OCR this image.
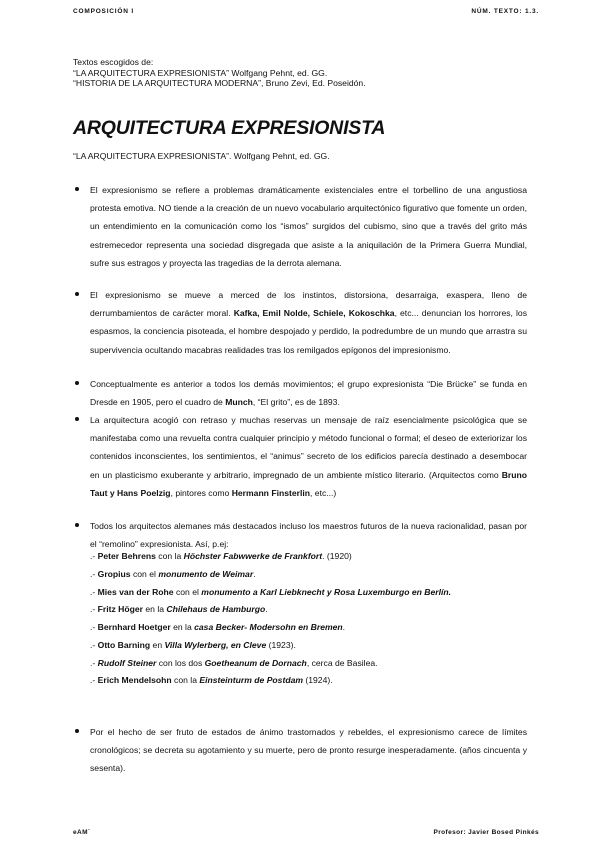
COMPOSICIÓN I	NÚM. TEXTO: 1.3.
Textos escogidos de:
“LA ARQUITECTURA EXPRESIONISTA” Wolfgang Pehnt, ed. GG.
“HISTORIA DE LA ARQUITECTURA MODERNA”, Bruno Zevi, Ed. Poseidón.
ARQUITECTURA EXPRESIONISTA
“LA ARQUITECTURA EXPRESIONISTA”. Wolfgang Pehnt, ed. GG.
El expresionismo se refiere a problemas dramáticamente existenciales entre el torbellino de una angustiosa protesta emotiva. NO tiende a la creación de un nuevo vocabulario arquitectónico figurativo que fomente un orden, un entendimiento en la comunicación como los “ismos” surgidos del cubismo, sino que a través del grito más estremecedor representa una sociedad disgregada que asiste a la aniquilación de la Primera Guerra Mundial, sufre sus estragos y proyecta las tragedias de la derrota alemana.
El expresionismo se mueve a merced de los instintos, distorsiona, desarraiga, exaspera, lleno de derrumbamientos de carácter moral. Kafka, Emil Nolde, Schiele, Kokoschka, etc... denuncian los horrores, los espasmos, la conciencia pisoteada, el hombre despojado y perdido, la podredumbre de un mundo que arrastra su supervivencia ocultando macabras realidades tras los remilgados epígonos del impresionismo.
Conceptualmente es anterior a todos los demás movimientos; el grupo expresionista “Die Brücke” se funda en Dresde en 1905, pero el cuadro de Munch, “El grito”, es de 1893.
La arquitectura acogió con retraso y muchas reservas un mensaje de raíz esencialmente psicológica que se manifestaba como una revuelta contra cualquier principio y método funcional o formal; el deseo de exteriorizar los contenidos inconscientes, los sentimientos, el “animus” secreto de los edificios parecía destinado a desembocar en un plasticismo exuberante y arbitrario, impregnado de un ambiente místico literario. (Arquitectos como Bruno Taut y Hans Poelzig, pintores como Hermann Finsterlin, etc...)
Todos los arquitectos alemanes más destacados incluso los maestros futuros de la nueva racionalidad, pasan por el “remolino” expresionista. Así, p.ej:
Por el hecho de ser fruto de estados de ánimo trastornados y rebeldes, el expresionismo carece de límites cronológicos; se decreta su agotamiento y su muerte, pero de pronto resurge inesperadamente. (años cincuenta y sesenta).
.- Peter Behrens con la Höchster Fabwwerke de Frankfort. (1920)
.- Gropius con el monumento de Weimar.
.- Mies van der Rohe con el monumento a Karl Liebknecht y Rosa Luxemburgo en Berlín.
.- Fritz Höger en la Chilehaus de Hamburgo.
.- Bernhard Hoetger en la casa Becker- Modersohn en Bremen.
.- Otto Barning en Villa Wylerberg, en Cleve (1923).
.- Rudolf Steiner con los dos Goetheanum de Dornach, cerca de Basilea.
.- Erich Mendelsohn con la Einsteinturm de Postdam (1924).
eAM´	Profesor: Javier Bosed Pinkés
